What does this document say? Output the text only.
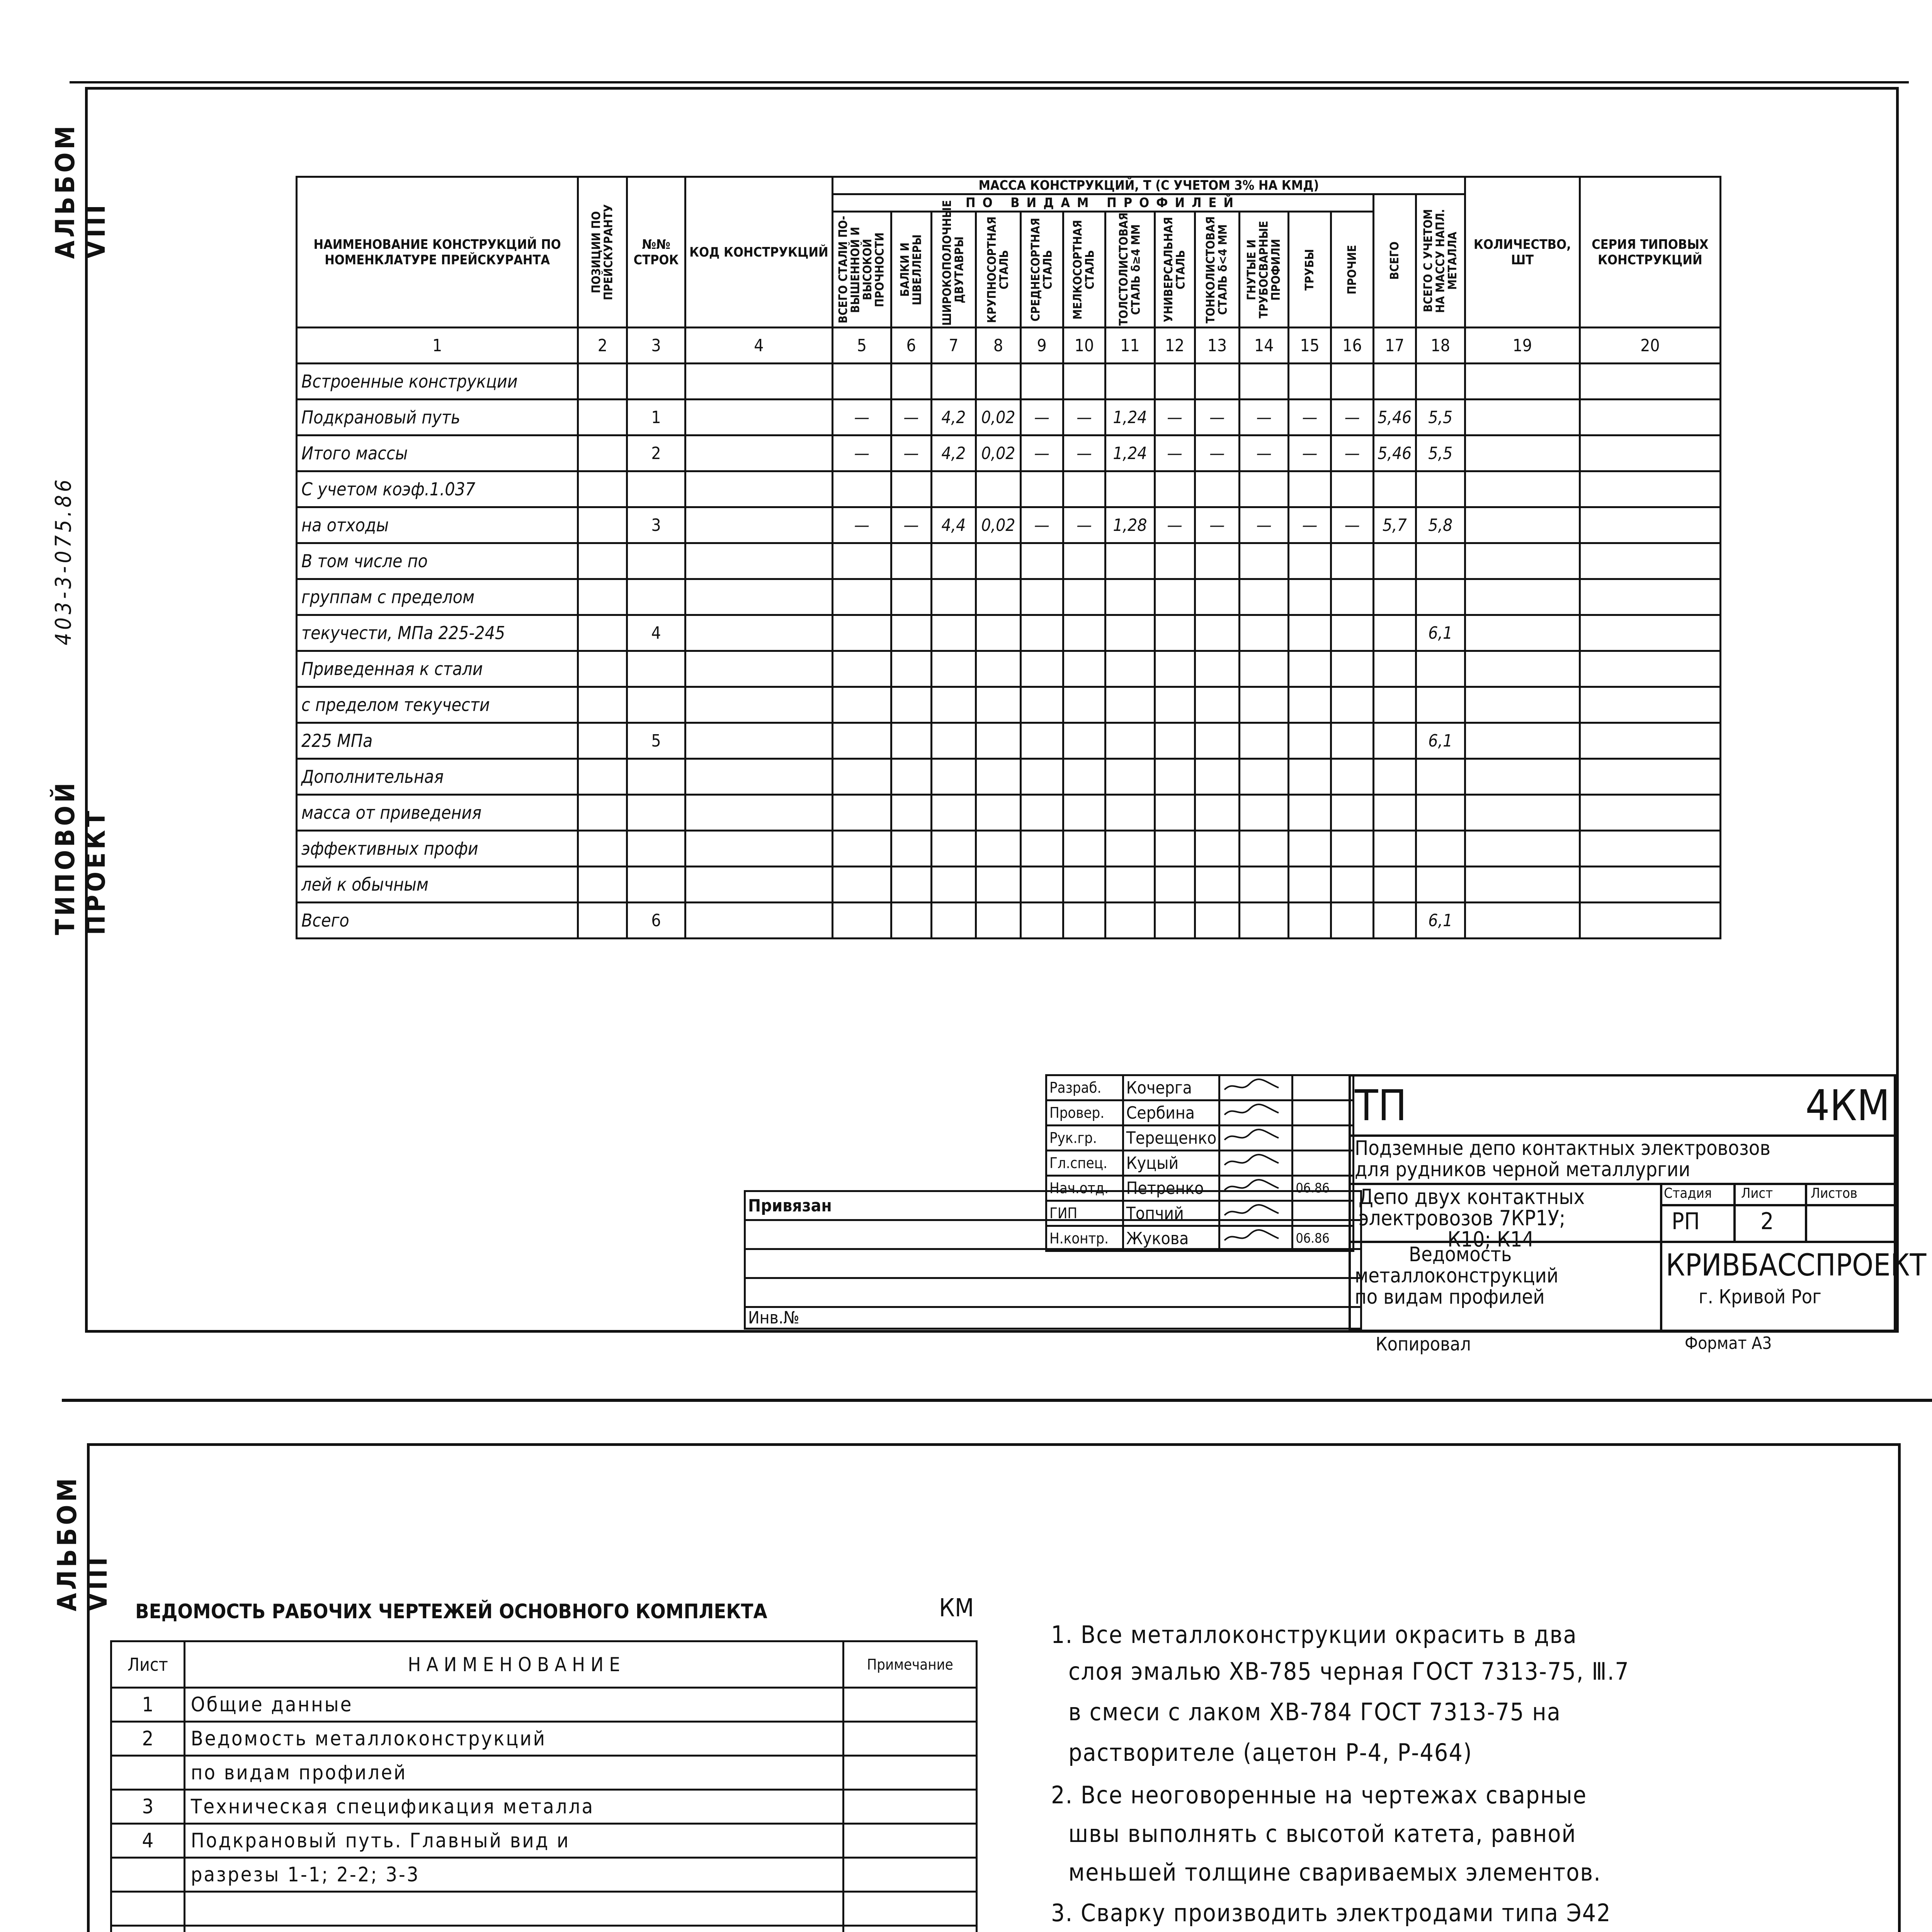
АЛЬБОМ VIII
ТИПОВОЙ ПРОЕКТ
403-3-075.86
НАИМЕНОВАНИЕ КОНСТРУКЦИЙ ПО НОМЕНКЛАТУРЕ ПРЕЙСКУРАНТА	ПОЗИЦИИ ПО ПРЕЙСКУРАНТУ	№№ СТРОК	КОД КОНСТРУКЦИЙ	МАССА КОНСТРУКЦИЙ, Т (С УЧЕТОМ 3% НА КМД)														КОЛИЧЕСТВО, ШТ	СЕРИЯ ТИПОВЫХ КОНСТРУКЦИЙ
				ПО ВИДАМ ПРОФИЛЕЙ												ВСЕГО	ВСЕГО С УЧЕТОМ НА МАССУ НАПЛ. МЕТАЛЛА		

				ВСЕГО СТАЛИ ПО-ВЫШЕННОЙ И ВЫСОКОЙ ПРОЧНОСТИ	БАЛКИ И ШВЕЛЛЕРЫ	ШИРОКОПОЛОЧНЫЕ ДВУТАВРЫ	КРУПНОСОРТНАЯ СТАЛЬ	СРЕДНЕСОРТНАЯ СТАЛЬ	МЕЛКОСОРТНАЯ СТАЛЬ	ТОЛСТОЛИСТОВАЯ СТАЛЬ δ≥4 ММ	УНИВЕРСАЛЬНАЯ СТАЛЬ	ТОНКОЛИСТОВАЯ СТАЛЬ δ<4 ММ	ГНУТЫЕ И ТРУБОСВАРНЫЕ ПРОФИЛИ	ТРУБЫ	ПРОЧИЕ				

1	2	3	4	5	6	7	8	9	10	11	12	13	14	15	16	17	18	19	20
Встроенные конструкции																			
Подкрановый путь		1		—	—	4,2	0,02	—	—	1,24	—	—	—	—	—	5,46	5,5		
Итого массы		2		—	—	4,2	0,02	—	—	1,24	—	—	—	—	—	5,46	5,5		
С учетом коэф.1.037																			
на отходы		3		—	—	4,4	0,02	—	—	1,28	—	—	—	—	—	5,7	5,8		
В том числе по																			
группам с пределом																			
текучести, МПа 225-245		4															6,1		
Приведенная к стали																			
с пределом текучести																			
225 МПа		5															6,1		
Дополнительная																			
масса от приведения																			
эффективных профи																			
лей к обычным																			
Всего		6															6,1		
Привязан

Инв.№
Разраб.	Кочерга		
Провер.	Сербина		
Рук.гр.	Терещенко		
Гл.спец.	Куцый		
Нач.отд.	Петренко		06.86
ГИП	Топчий		
Н.контр.	Жукова		06.86
ТП	4КМ
Подземные депо контактных электровозов
для рудников черной металлургии
Депо двух контактных
электровозов 7КР1У;
К10; К14
Стадия Лист	Листов
РП	2
Ведомость
металлоконструкций
по видам профилей
КРИВБАССПРОЕКТ
г. Кривой Рог
Копировал	Формат А3
АЛЬБОМ VIII
ВЕДОМОСТЬ РАБОЧИХ ЧЕРТЕЖЕЙ ОСНОВНОГО КОМПЛЕКТА	КМ
Лист	Н А И М Е Н О В А Н И Е	Примечание
1	Общие данные	
2	Ведомость металлоконструкций	
	по видам профилей	
3	Техническая спецификация металла	
4	Подкрановый путь. Главный вид и	
	разрезы 1-1; 2-2; 3-3	

1. Все металлоконструкции окрасить в два
слоя эмалью ХВ-785 черная ГОСТ 7313-75, Ⅲ.7
в смеси с лаком ХВ-784 ГОСТ 7313-75 на
растворителе (ацетон Р-4, Р-464)
2. Все неоговоренные на чертежах сварные
швы выполнять с высотой катета, равной
меньшей толщине свариваемых элементов.
3. Сварку производить электродами типа Э42
